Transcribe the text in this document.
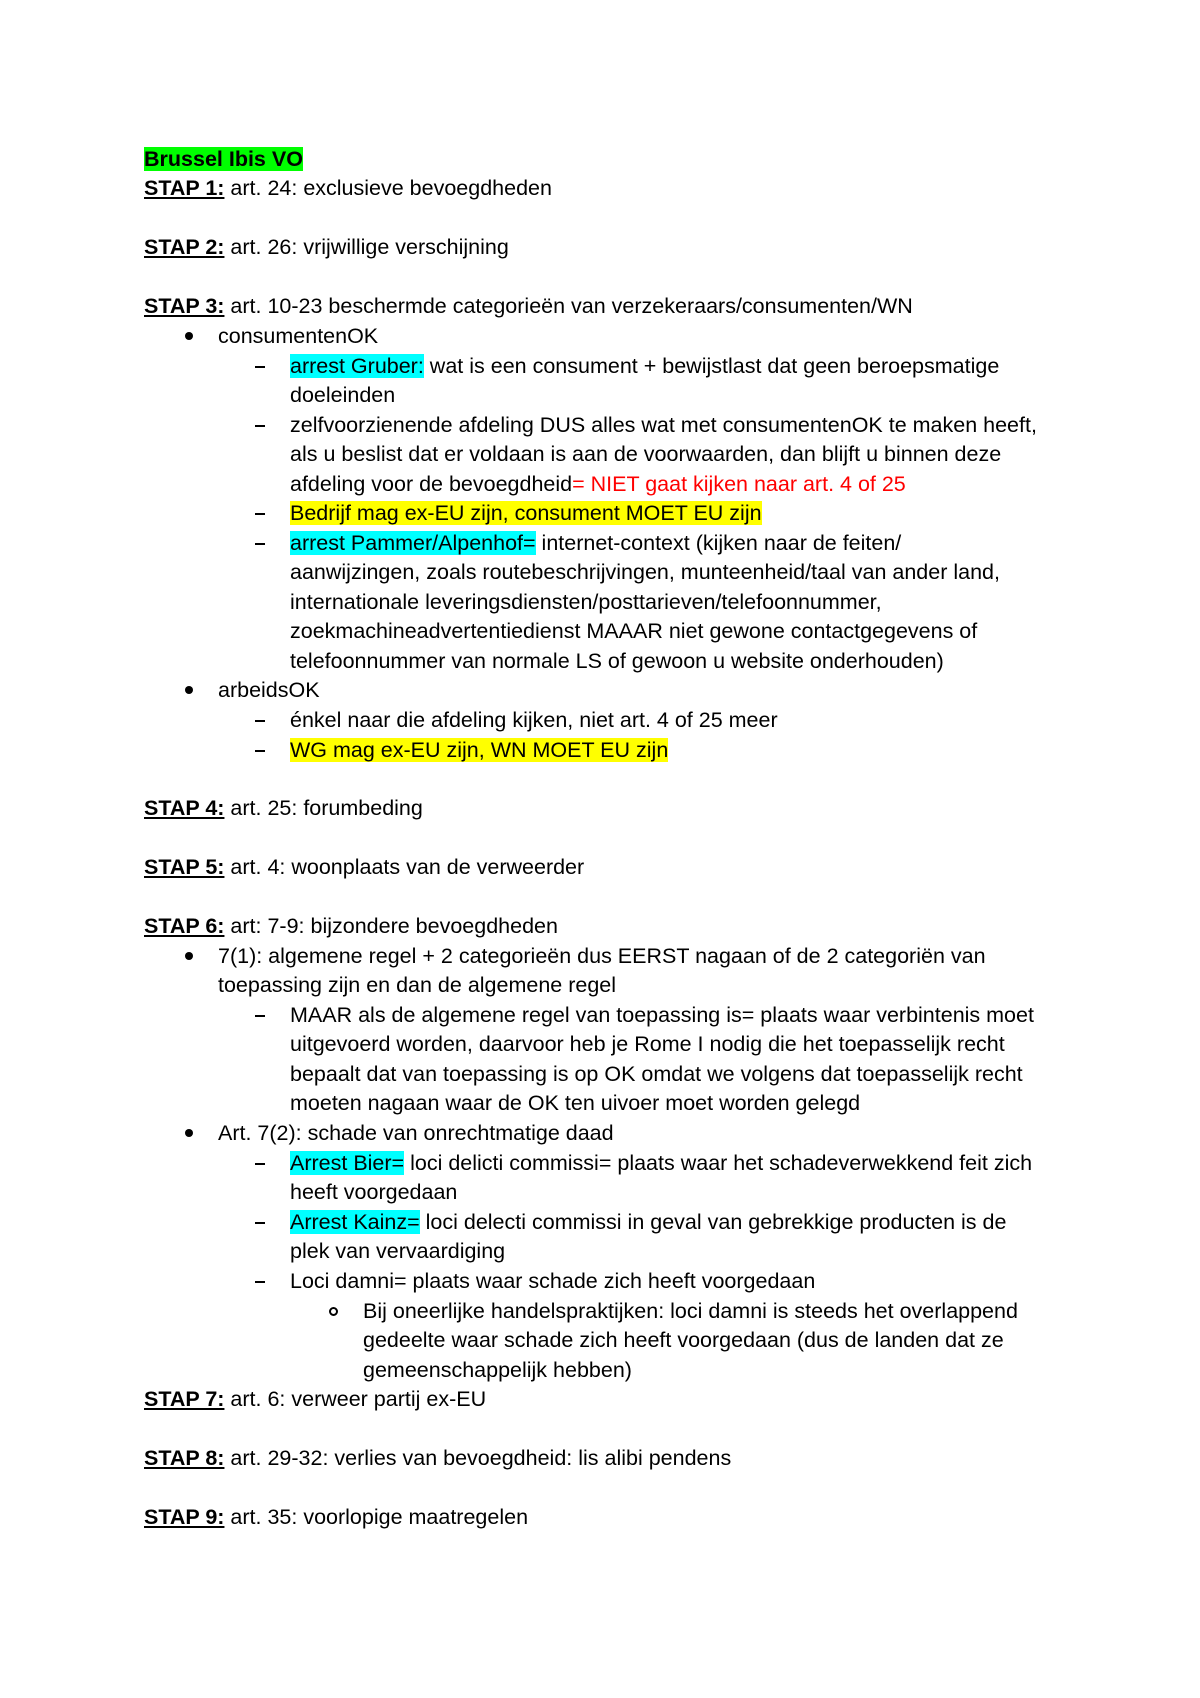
Brussel Ibis VO
STAP 1: art. 24: exclusieve bevoegdheden
STAP 2: art. 26: vrijwillige verschijning
STAP 3: art. 10-23 beschermde categorieën van verzekeraars/consumenten/WN
consumentenOK
arrest Gruber: wat is een consument + bewijstlast dat geen beroepsmatige
doeleinden
zelfvoorzienende afdeling DUS alles wat met consumentenOK te maken heeft,
als u beslist dat er voldaan is aan de voorwaarden, dan blijft u binnen deze
afdeling voor de bevoegdheid= NIET gaat kijken naar art. 4 of 25
Bedrijf mag ex-EU zijn, consument MOET EU zijn
arrest Pammer/Alpenhof= internet-context (kijken naar de feiten/
aanwijzingen, zoals routebeschrijvingen, munteenheid/taal van ander land,
internationale leveringsdiensten/posttarieven/telefoonnummer,
zoekmachineadvertentiedienst MAAAR niet gewone contactgegevens of
telefoonnummer van normale LS of gewoon u website onderhouden)
arbeidsOK
énkel naar die afdeling kijken, niet art. 4 of 25 meer
WG mag ex-EU zijn, WN MOET EU zijn
STAP 4: art. 25: forumbeding
STAP 5: art. 4: woonplaats van de verweerder
STAP 6: art: 7-9: bijzondere bevoegdheden
7(1): algemene regel + 2 categorieën dus EERST nagaan of de 2 categoriën van
toepassing zijn en dan de algemene regel
MAAR als de algemene regel van toepassing is= plaats waar verbintenis moet
uitgevoerd worden, daarvoor heb je Rome I nodig die het toepasselijk recht
bepaalt dat van toepassing is op OK omdat we volgens dat toepasselijk recht
moeten nagaan waar de OK ten uivoer moet worden gelegd
Art. 7(2): schade van onrechtmatige daad
Arrest Bier= loci delicti commissi= plaats waar het schadeverwekkend feit zich
heeft voorgedaan
Arrest Kainz= loci delecti commissi in geval van gebrekkige producten is de
plek van vervaardiging
Loci damni= plaats waar schade zich heeft voorgedaan
Bij oneerlijke handelspraktijken: loci damni is steeds het overlappend
gedeelte waar schade zich heeft voorgedaan (dus de landen dat ze
gemeenschappelijk hebben)
STAP 7: art. 6: verweer partij ex-EU
STAP 8: art. 29-32: verlies van bevoegdheid: lis alibi pendens
STAP 9: art. 35: voorlopige maatregelen
